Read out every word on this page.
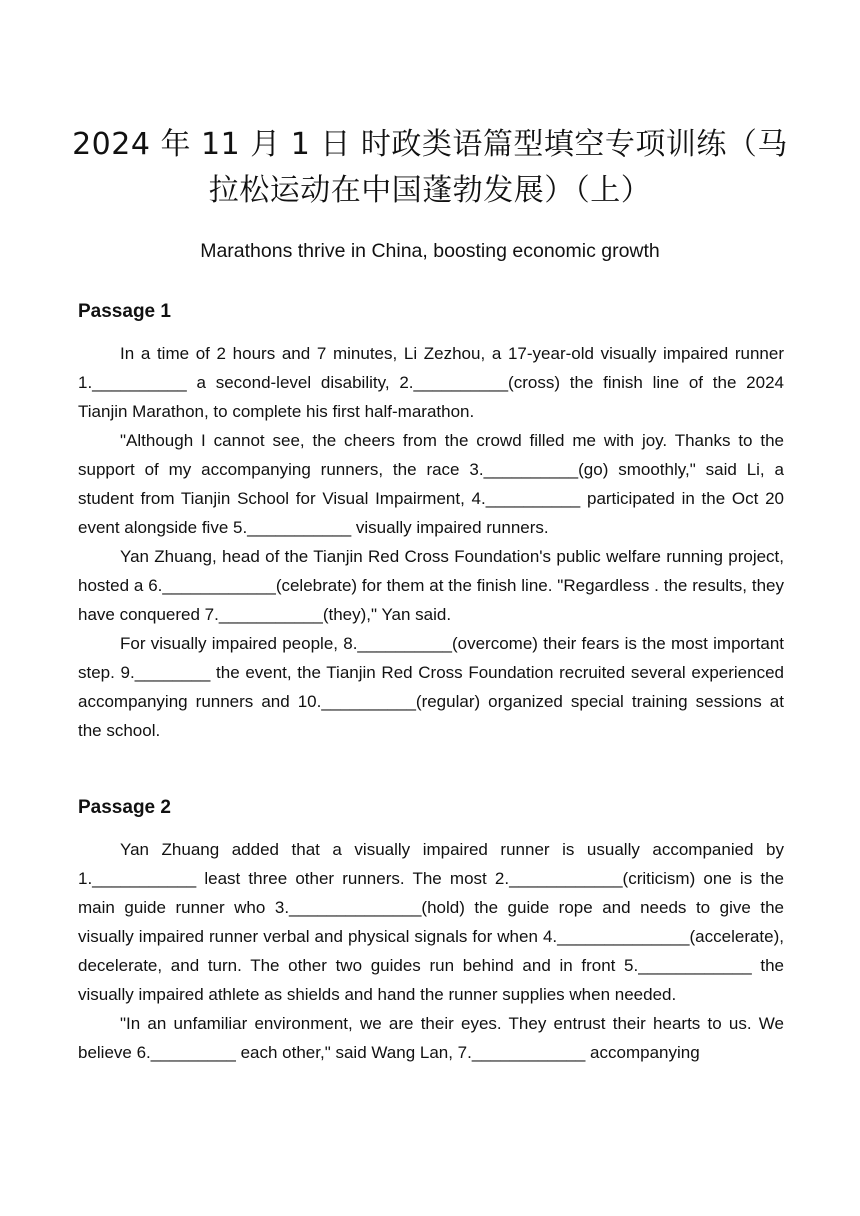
2024 年 11 月 1 日 时政类语篇型填空专项训练（马
拉松运动在中国蓬勃发展）（上）
Marathons thrive in China, boosting economic growth
Passage 1

In a time of 2 hours and 7 minutes, Li Zezhou, a 17-year-old visually impaired runner 1.__________ a second-level disability, 2.__________(cross) the finish line of the 2024 Tianjin Marathon, to complete his first half-marathon.

"Although I cannot see, the cheers from the crowd filled me with joy. Thanks to the support of my accompanying runners, the race 3.__________(go) smoothly," said Li, a student from Tianjin School for Visual Impairment, 4.__________ participated in the Oct 20 event alongside five 5.___________ visually impaired runners.

Yan Zhuang, head of the Tianjin Red Cross Foundation's public welfare running project, hosted a 6.____________(celebrate) for them at the finish line. "Regardless . the results, they have conquered 7.___________(they)," Yan said.

For visually impaired people, 8.__________(overcome) their fears is the most important step. 9.________ the event, the Tianjin Red Cross Foundation recruited several experienced accompanying runners and 10.__________(regular) organized special training sessions at the school.

Passage 2

Yan Zhuang added that a visually impaired runner is usually accompanied by 1.___________ least three other runners. The most 2.____________(criticism) one is the main guide runner who 3.______________(hold) the guide rope and needs to give the visually impaired runner verbal and physical signals for when 4.______________(accelerate), decelerate, and turn. The other two guides run behind and in front 5.____________ the visually impaired athlete as shields and hand the runner supplies when needed.

"In an unfamiliar environment, we are their eyes. They entrust their hearts to us. We believe 6._________ each other," said Wang Lan, 7.____________ accompanying
